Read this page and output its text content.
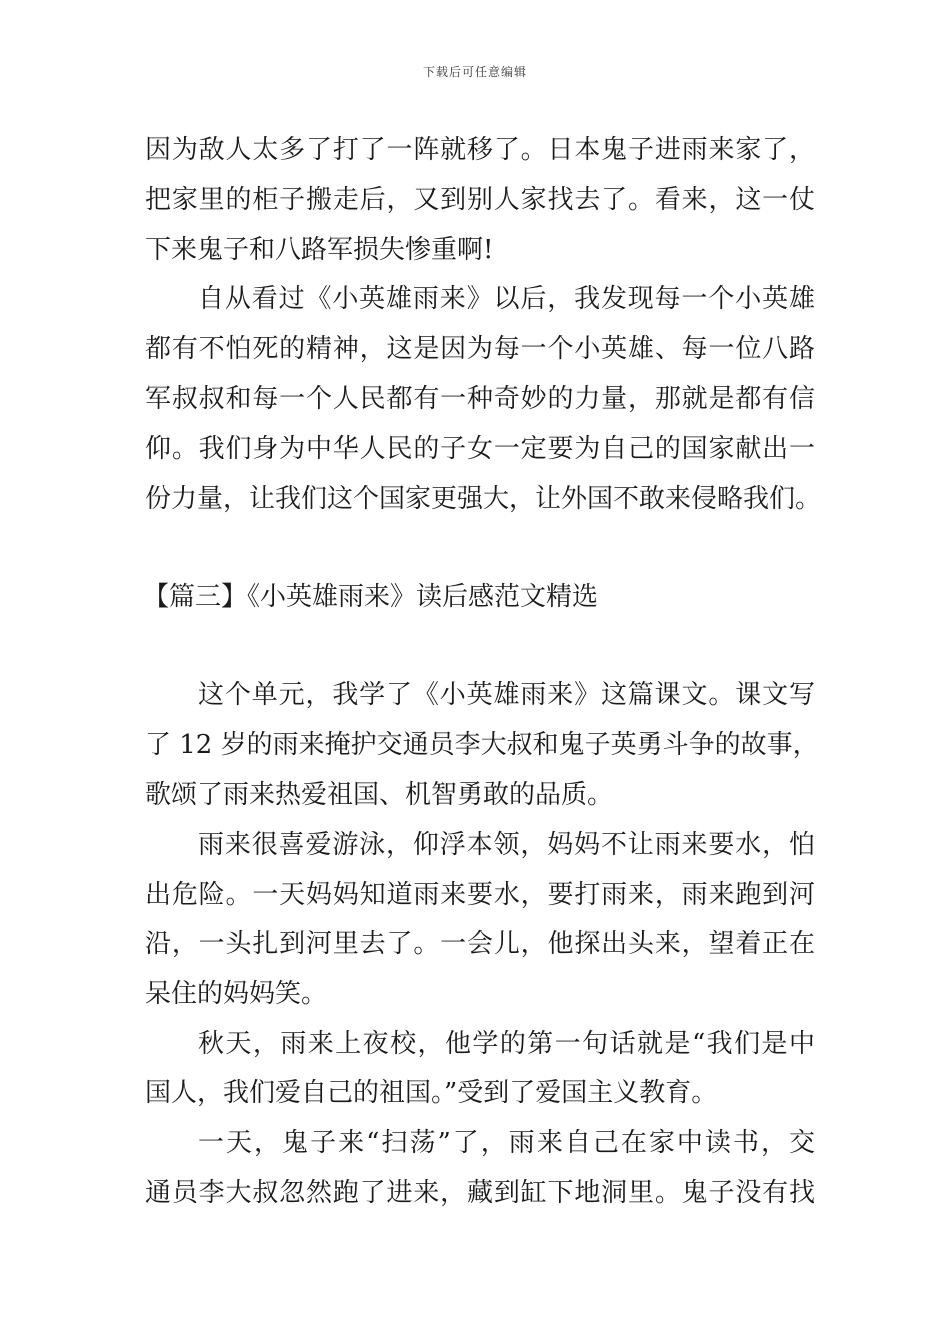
下载后可任意编辑
因为敌人太多了打了一阵就移了。日本鬼子进雨来家了，
把家里的柜子搬走后，又到别人家找去了。看来，这一仗
下来鬼子和八路军损失惨重啊!
自从看过《小英雄雨来》以后，我发现每一个小英雄
都有不怕死的精神，这是因为每一个小英雄、每一位八路
军叔叔和每一个人民都有一种奇妙的力量，那就是都有信
仰。我们身为中华人民的子女一定要为自己的国家献出一
份力量，让我们这个国家更强大，让外国不敢来侵略我们。
【篇三】《小英雄雨来》读后感范文精选
这个单元，我学了《小英雄雨来》这篇课文。课文写
了 12 岁的雨来掩护交通员李大叔和鬼子英勇斗争的故事，
歌颂了雨来热爱祖国、机智勇敢的品质。
雨来很喜爱游泳，仰浮本领，妈妈不让雨来要水，怕
出危险。一天妈妈知道雨来要水，要打雨来，雨来跑到河
沿，一头扎到河里去了。一会儿，他探出头来，望着正在
呆住的妈妈笑。
秋天，雨来上夜校，他学的第一句话就是“我们是中
国人，我们爱自己的祖国。”受到了爱国主义教育。
一天，鬼子来“扫荡”了，雨来自己在家中读书，交
通员李大叔忽然跑了进来，藏到缸下地洞里。鬼子没有找
